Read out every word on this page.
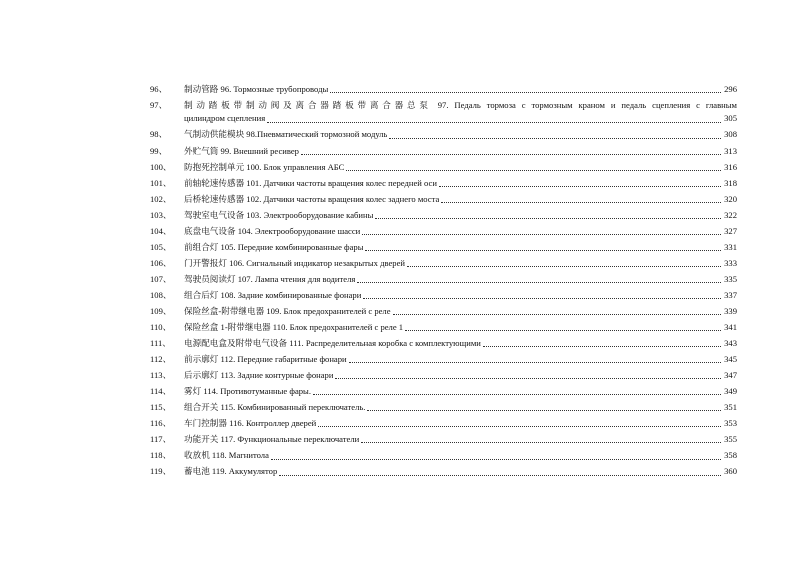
96、 制动管路 96. Тормозные трубопроводы	296
97、 制动踏板带制动阀及离合器踏板带离合器总泵 97. Педаль тормоза с тормозным краном и педаль сцепления с главным
цилиндром сцепления	305
98、 气制动供能模块 98.Пневматический тормозной модуль	308
99、 外贮气筒 99. Внешний ресивер	313
100、 防抱死控制单元 100. Блок управления АБС	316
101、 前轴轮速传感器 101. Датчики частоты вращения колес передней оси	318
102、 后桥轮速传感器 102. Датчики частоты вращения колес заднего моста	320
103、 驾驶室电气设备 103. Электрооборудование кабины	322
104、 底盘电气设备 104. Электрооборудование шасси	327
105、 前组合灯 105. Передние комбинированные фары	331
106、 门开警报灯 106. Сигнальный индикатор незакрытых дверей	333
107、 驾驶员阅读灯 107. Лампа чтения для водителя	335
108、 组合后灯 108. Задние комбинированные фонари	337
109、 保险丝盒-附带继电器 109. Блок предохранителей с реле	339
110、 保险丝盒 1-附带继电器 110. Блок предохранителей с реле 1	341
111、 电源配电盒及附带电气设备 111. Распределительная коробка с комплектующими	343
112、 前示廓灯 112. Передние габаритные фонари	345
113、 后示廓灯 113. Задние контурные фонари	347
114、 雾灯 114. Противотуманные фары.	349
115、 组合开关 115. Комбинированный переключатель.	351
116、 车门控制器 116. Контроллер дверей	353
117、 功能开关 117. Функциональные переключатели	355
118、 收放机 118. Магнитола	358
119、 蓄电池 119. Аккумулятор	360
